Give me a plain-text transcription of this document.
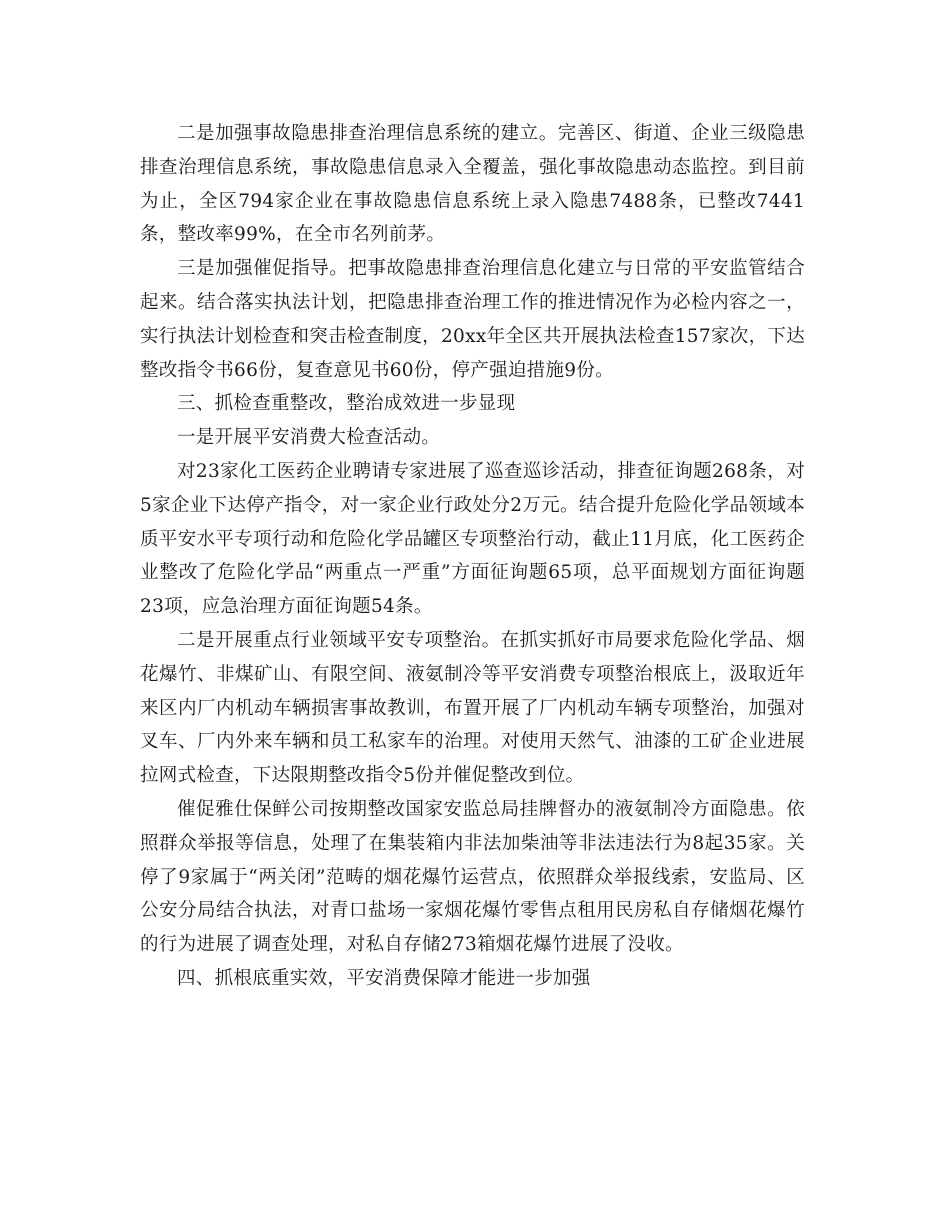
二是加强事故隐患排查治理信息系统的建立。完善区、街道、企业三级隐患排查治理信息系统，事故隐患信息录入全覆盖，强化事故隐患动态监控。到目前为止，全区794家企业在事故隐患信息系统上录入隐患7488条，已整改7441条，整改率99%，在全市名列前茅。

三是加强催促指导。把事故隐患排查治理信息化建立与日常的平安监管结合起来。结合落实执法计划，把隐患排查治理工作的推进情况作为必检内容之一，实行执法计划检查和突击检查制度，20xx年全区共开展执法检查157家次，下达整改指令书66份，复查意见书60份，停产强迫措施9份。

三、抓检查重整改，整治成效进一步显现

一是开展平安消费大检查活动。

对23家化工医药企业聘请专家进展了巡查巡诊活动，排查征询题268条，对5家企业下达停产指令，对一家企业行政处分2万元。结合提升危险化学品领域本质平安水平专项行动和危险化学品罐区专项整治行动，截止11月底，化工医药企业整改了危险化学品“两重点一严重”方面征询题65项，总平面规划方面征询题23项，应急治理方面征询题54条。

二是开展重点行业领域平安专项整治。在抓实抓好市局要求危险化学品、烟花爆竹、非煤矿山、有限空间、液氨制冷等平安消费专项整治根底上，汲取近年来区内厂内机动车辆损害事故教训，布置开展了厂内机动车辆专项整治，加强对叉车、厂内外来车辆和员工私家车的治理。对使用天然气、油漆的工矿企业进展拉网式检查，下达限期整改指令5份并催促整改到位。

催促雅仕保鲜公司按期整改国家安监总局挂牌督办的液氨制冷方面隐患。依照群众举报等信息，处理了在集装箱内非法加柴油等非法违法行为8起35家。关停了9家属于“两关闭”范畴的烟花爆竹运营点，依照群众举报线索，安监局、区公安分局结合执法，对青口盐场一家烟花爆竹零售点租用民房私自存储烟花爆竹的行为进展了调查处理，对私自存储273箱烟花爆竹进展了没收。

四、抓根底重实效，平安消费保障才能进一步加强
